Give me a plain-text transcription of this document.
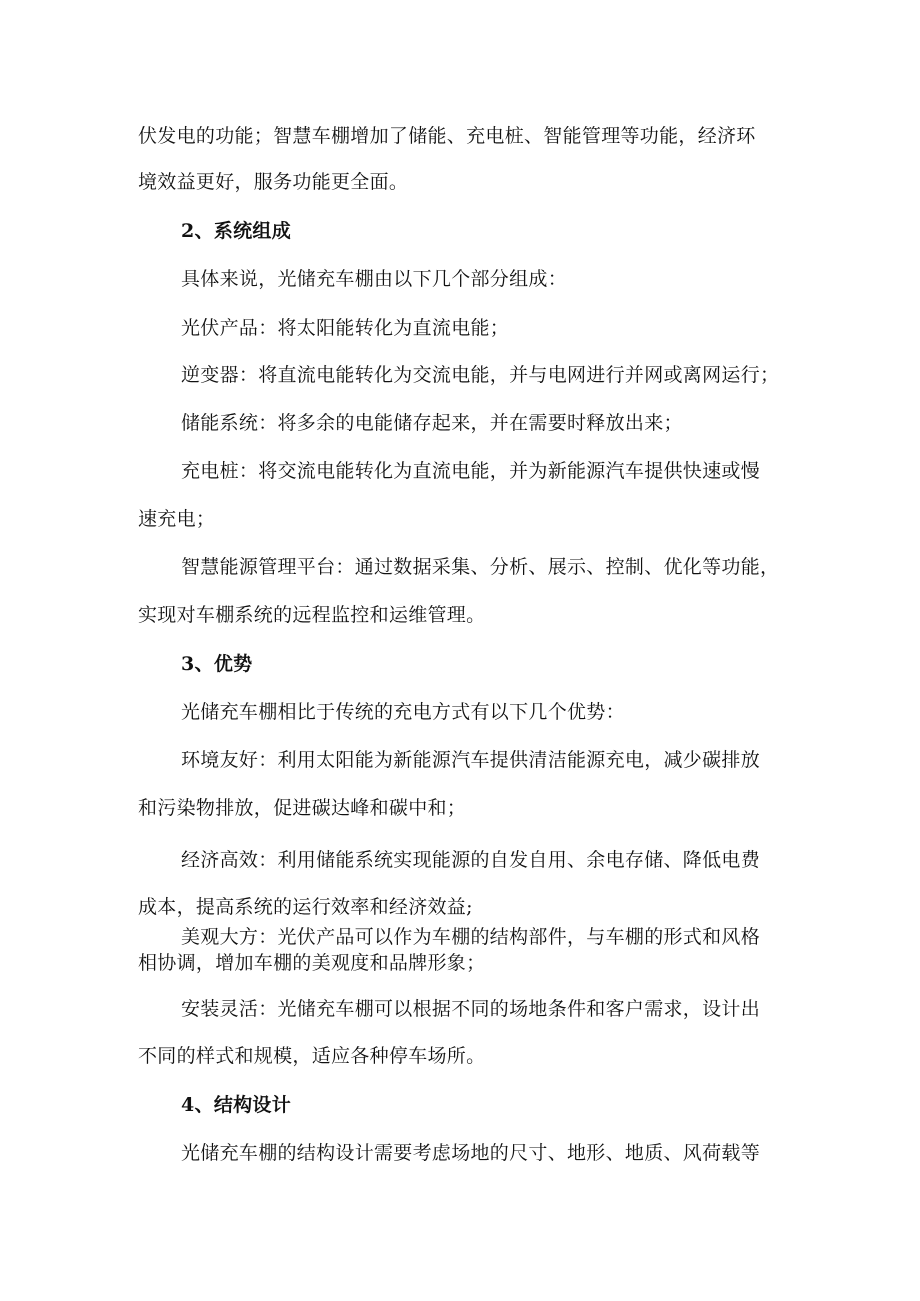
伏发电的功能；智慧车棚增加了储能、充电桩、智能管理等功能，经济环
境效益更好，服务功能更全面。
2、系统组成
具体来说，光储充车棚由以下几个部分组成：
光伏产品：将太阳能转化为直流电能；
逆变器：将直流电能转化为交流电能，并与电网进行并网或离网运行；
储能系统：将多余的电能储存起来，并在需要时释放出来；
充电桩：将交流电能转化为直流电能，并为新能源汽车提供快速或慢
速充电；
智慧能源管理平台：通过数据采集、分析、展示、控制、优化等功能，
实现对车棚系统的远程监控和运维管理。
3、优势
光储充车棚相比于传统的充电方式有以下几个优势：
环境友好：利用太阳能为新能源汽车提供清洁能源充电，减少碳排放
和污染物排放，促进碳达峰和碳中和；
经济高效：利用储能系统实现能源的自发自用、余电存储、降低电费
成本，提高系统的运行效率和经济效益;
美观大方：光伏产品可以作为车棚的结构部件，与车棚的形式和风格
相协调，增加车棚的美观度和品牌形象；
安装灵活：光储充车棚可以根据不同的场地条件和客户需求，设计出
不同的样式和规模，适应各种停车场所。
4、结构设计
光储充车棚的结构设计需要考虑场地的尺寸、地形、地质、风荷载等
